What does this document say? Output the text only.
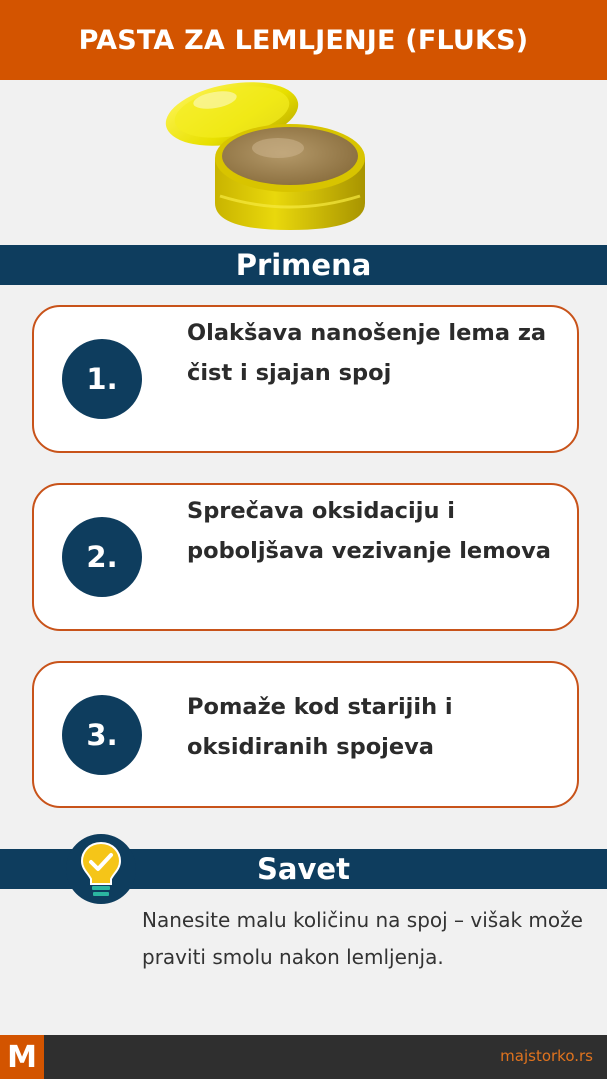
PASTA ZA LEMLJENJE (FLUKS)
Primena
1.
Olakšava nanošenje lema za čist i sjajan spoj
2.
Sprečava oksidaciju i poboljšava vezivanje lemova
3.
Pomaže kod starijih i oksidiranih spojeva
Savet
Nanesite malu količinu na spoj – višak može praviti smolu nakon lemljenja.
M	majstorko.rs
